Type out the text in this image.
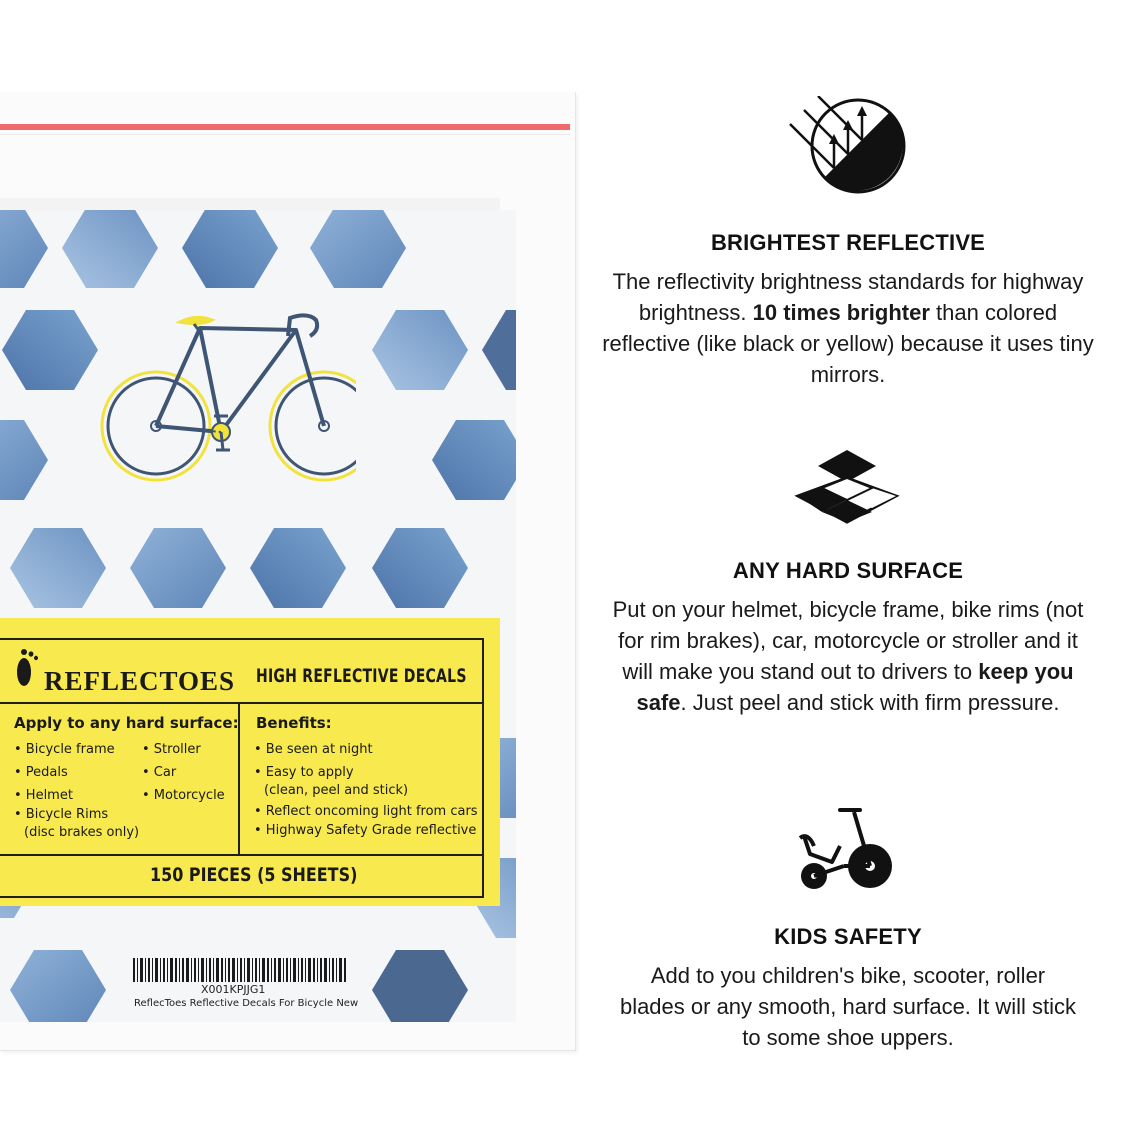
REFLECTOES HIGH REFLECTIVE DECALS

Apply to any hard surface:

• Bicycle frame

• Pedals

• Helmet

• Bicycle Rims

(disc brakes only)

• Stroller

• Car

• Motorcycle

Benefits:

• Be seen at night

• Easy to apply

(clean, peel and stick)

• Reflect oncoming light from cars

• Highway Safety Grade reflective

150 PIECES (5 SHEETS)

X001KPJJG1

ReflecToes Reflective Decals For Bicycle New

BRIGHTEST REFLECTIVE

The reflectivity brightness standards for highway brightness. 10 times brighter than colored reflective (like black or yellow) because it uses tiny mirrors.

ANY HARD SURFACE

Put on your helmet, bicycle frame, bike rims (not for rim brakes), car, motorcycle or stroller and it will make you stand out to drivers to keep you safe. Just peel and stick with firm pressure.

KIDS SAFETY

Add to you children's bike, scooter, roller blades or any smooth, hard surface. It will stick to some shoe uppers.
